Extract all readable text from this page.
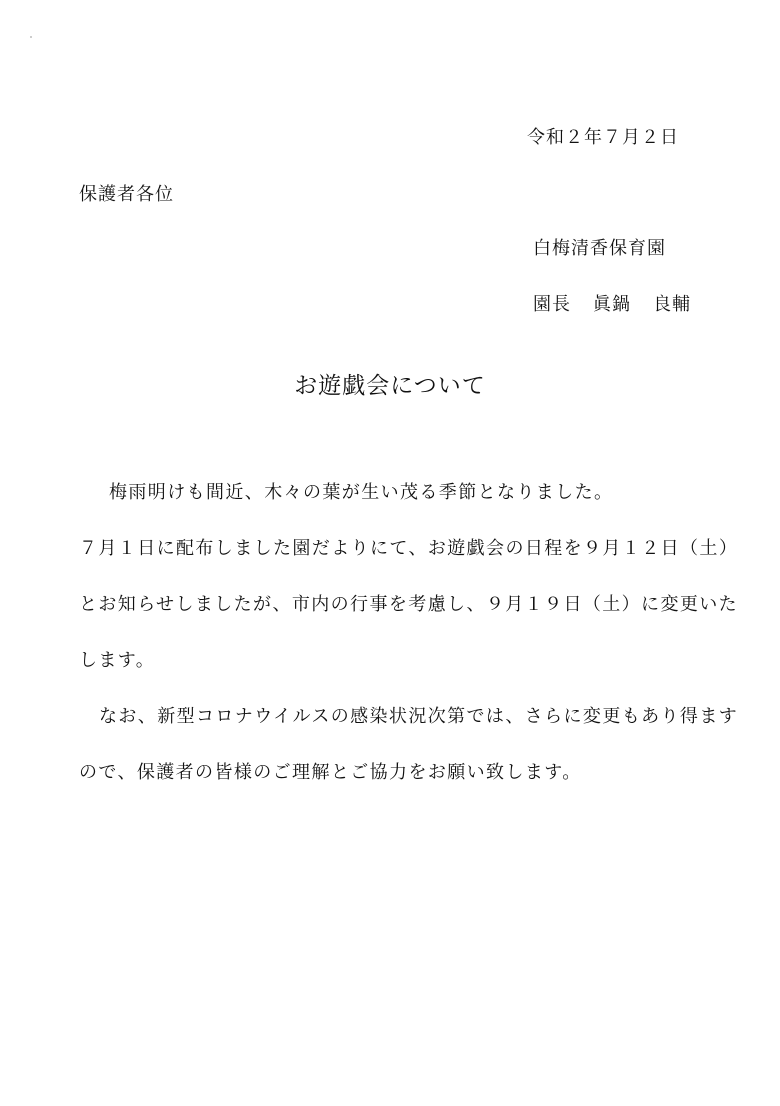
令和２年７月２日
保護者各位
白梅清香保育園
園長 眞鍋 良輔
お遊戯会について
梅雨明けも間近、木々の葉が生い茂る季節となりました。
７月１日に配布しました園だよりにて、お遊戯会の日程を９月１２日（土）
とお知らせしましたが、市内の行事を考慮し、９月１９日（土）に変更いた
します。
なお、新型コロナウイルスの感染状況次第では、さらに変更もあり得ます
ので、保護者の皆様のご理解とご協力をお願い致します。
